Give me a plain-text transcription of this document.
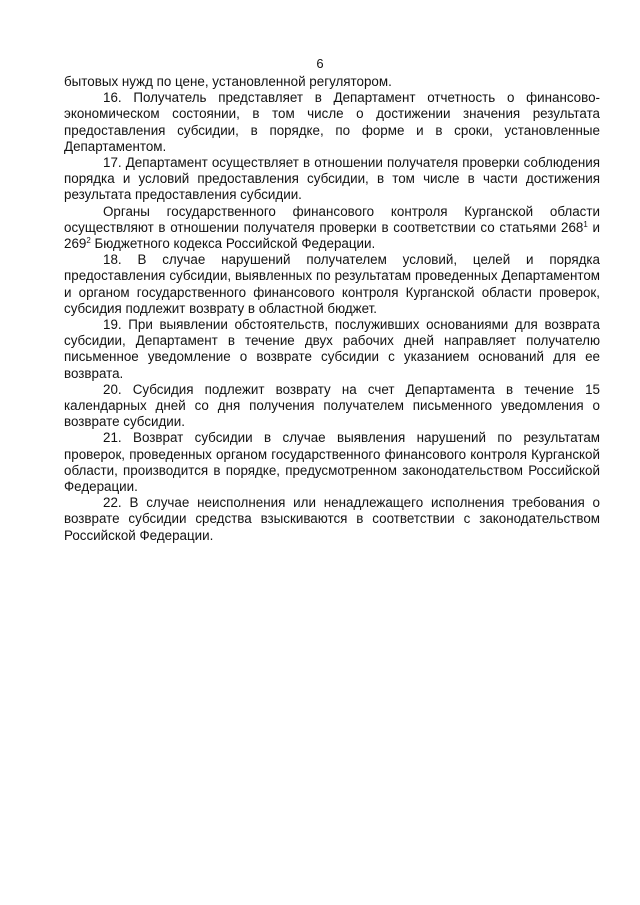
6

бытовых нужд по цене, установленной регулятором.

16. Получатель представляет в Департамент отчетность о финансово-экономическом состоянии, в том числе о достижении значения результата предоставления субсидии, в порядке, по форме и в сроки, установленные Департаментом.

17. Департамент осуществляет в отношении получателя проверки соблюдения порядка и условий предоставления субсидии, в том числе в части достижения результата предоставления субсидии.

Органы государственного финансового контроля Курганской области осуществляют в отношении получателя проверки в соответствии со статьями $268^1$ и $269^2$ Бюджетного кодекса Российской Федерации.

18. В случае нарушений получателем условий, целей и порядка предоставления субсидии, выявленных по результатам проведенных Департаментом и органом государственного финансового контроля Курганской области проверок, субсидия подлежит возврату в областной бюджет.

19. При выявлении обстоятельств, послуживших основаниями для возврата субсидии, Департамент в течение двух рабочих дней направляет получателю письменное уведомление о возврате субсидии с указанием оснований для ее возврата.

20. Субсидия подлежит возврату на счет Департамента в течение 15 календарных дней со дня получения получателем письменного уведомления о возврате субсидии.

21. Возврат субсидии в случае выявления нарушений по результатам проверок, проведенных органом государственного финансового контроля Курганской области, производится в порядке, предусмотренном законодательством Российской Федерации.

22. В случае неисполнения или ненадлежащего исполнения требования о возврате субсидии средства взыскиваются в соответствии с законодательством Российской Федерации.
